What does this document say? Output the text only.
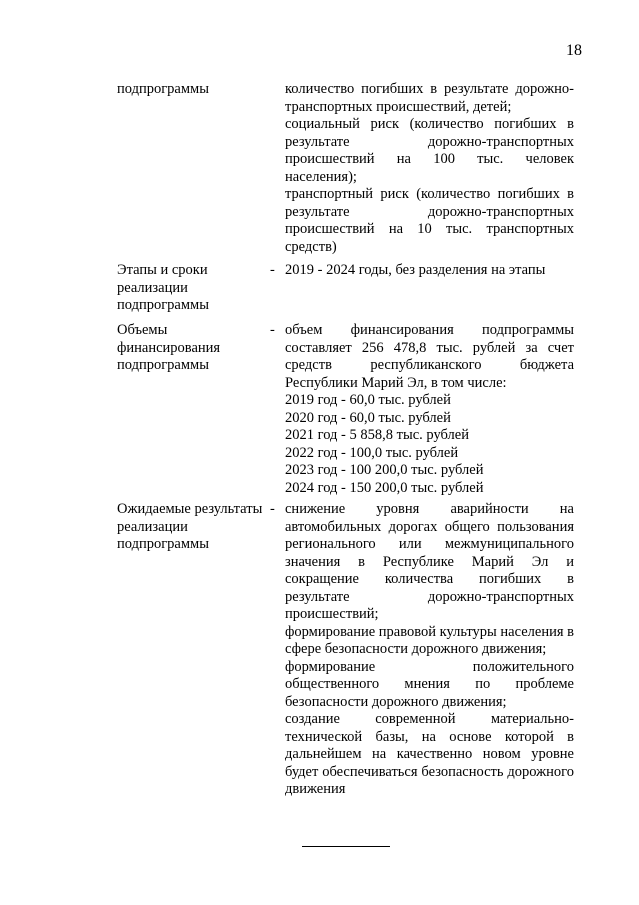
18
подпрограммы	количество погибших в результате дорожно-транспортных происшествий, детей;
социальный риск (количество погибших в результате дорожно-транспортных происшествий на 100 тыс. человек населения);
транспортный риск (количество погибших в результате дорожно-транспортных происшествий на 10 тыс. транспортных средств)
Этапы и сроки реализации подпрограммы
- 2019 - 2024 годы, без разделения на этапы
Объемы финансирования подпрограммы
- объем финансирования подпрограммы составляет 256 478,8 тыс. рублей за счет средств республиканского бюджета Республики Марий Эл, в том числе:
2019 год - 60,0 тыс. рублей
2020 год - 60,0 тыс. рублей
2021 год - 5 858,8 тыс. рублей
2022 год - 100,0 тыс. рублей
2023 год - 100 200,0 тыс. рублей
2024 год - 150 200,0 тыс. рублей
Ожидаемые результаты реализации подпрограммы
- снижение уровня аварийности на автомобильных дорогах общего пользования регионального или межмуниципального значения в Республике Марий Эл и сокращение количества погибших в результате дорожно-транспортных происшествий;
формирование правовой культуры населения в сфере безопасности дорожного движения;
формирование положительного общественного мнения по проблеме безопасности дорожного движения;
создание современной материально-технической базы, на основе которой в дальнейшем на качественно новом уровне будет обеспечиваться безопасность дорожного движения
